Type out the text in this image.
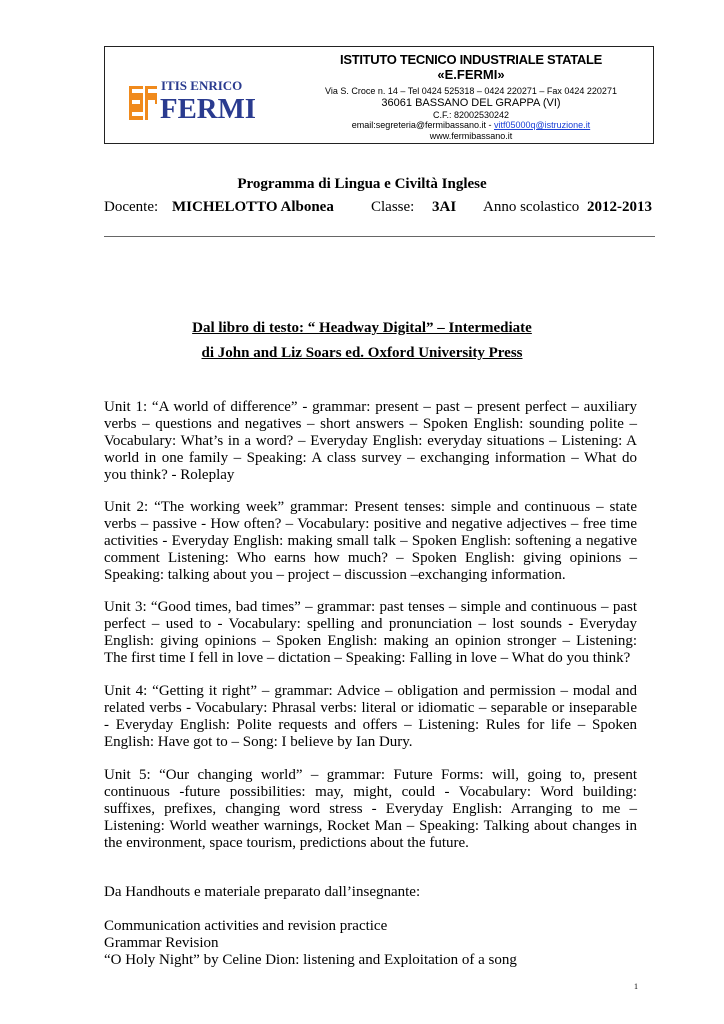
ITIS ENRICO
FERMI
ISTITUTO TECNICO INDUSTRIALE STATALE
«E.FERMI»
Via S. Croce n. 14 – Tel 0424 525318 – 0424 220271 – Fax 0424 220271
36061 BASSANO DEL GRAPPA (VI)
C.F.: 82002530242
email:segreteria@fermibassano.it - vitf05000q@istruzione.it
www.fermibassano.it
Programma di Lingua e Civiltà Inglese
Docente: MICHELOTTO Albonea Classe: 3AI Anno scolastico 2012-2013
Dal libro di testo: “ Headway Digital” – Intermediate
di John and Liz Soars ed. Oxford University Press

Unit 1: “A world of difference” - grammar: present – past – present perfect – auxiliary verbs – questions and negatives – short answers – Spoken English: sounding polite – Vocabulary: What’s in a word? – Everyday English: everyday situations – Listening: A world in one family – Speaking: A class survey – exchanging information – What do you think? - Roleplay

Unit 2: “The working week” grammar: Present tenses: simple and continuous – state verbs – passive - How often? – Vocabulary: positive and negative adjectives – free time activities - Everyday English: making small talk – Spoken English: softening a negative comment Listening: Who earns how much? – Spoken English: giving opinions – Speaking: talking about you – project – discussion –exchanging information.

Unit 3: “Good times, bad times” – grammar: past tenses – simple and continuous – past perfect – used to - Vocabulary: spelling and pronunciation – lost sounds - Everyday English: giving opinions – Spoken English: making an opinion stronger – Listening: The first time I fell in love – dictation – Speaking: Falling in love – What do you think?

Unit 4: “Getting it right” – grammar: Advice – obligation and permission – modal and related verbs - Vocabulary: Phrasal verbs: literal or idiomatic – separable or inseparable - Everyday English: Polite requests and offers – Listening: Rules for life – Spoken English: Have got to – Song: I believe by Ian Dury.

Unit 5: “Our changing world” – grammar: Future Forms: will, going to, present continuous -future possibilities: may, might, could - Vocabulary: Word building: suffixes, prefixes, changing word stress - Everyday English: Arranging to me – Listening: World weather warnings, Rocket Man – Speaking: Talking about changes in the environment, space tourism, predictions about the future.

Da Handhouts e materiale preparato dall’insegnante:
Communication activities and revision practice
Grammar Revision
“O Holy Night” by Celine Dion: listening and Exploitation of a song
1
